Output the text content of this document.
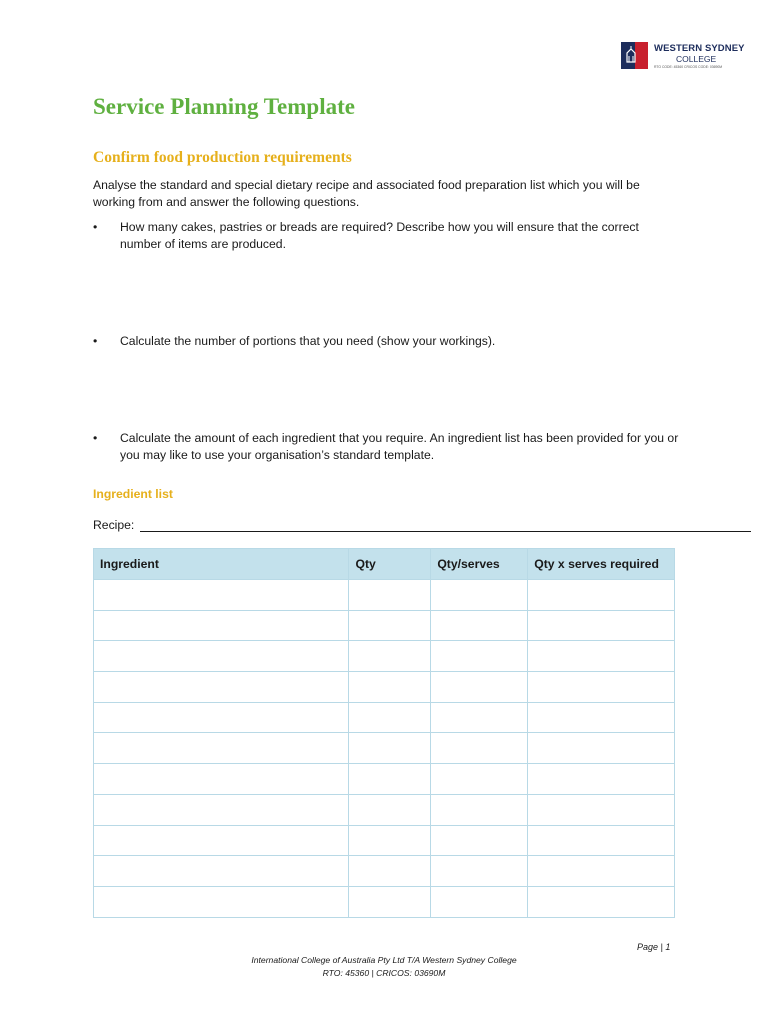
WESTERN SYDNEY
COLLEGE
RTO CODE: 45360 CRICOS CODE: 03690M
Service Planning Template
Confirm food production requirements
Analyse the standard and special dietary recipe and associated food preparation list which you will be working from and answer the following questions.
•	How many cakes, pastries or breads are required? Describe how you will ensure that the correct number of items are produced.
•	Calculate the number of portions that you need (show your workings).
•	Calculate the amount of each ingredient that you require. An ingredient list has been provided for you or you may like to use your organisation’s standard template.
Ingredient list
Recipe:
Ingredient	Qty	Qty/serves	Qty x serves required

Page | 1
International College of Australia Pty Ltd T/A Western Sydney College
RTO: 45360 | CRICOS: 03690M
